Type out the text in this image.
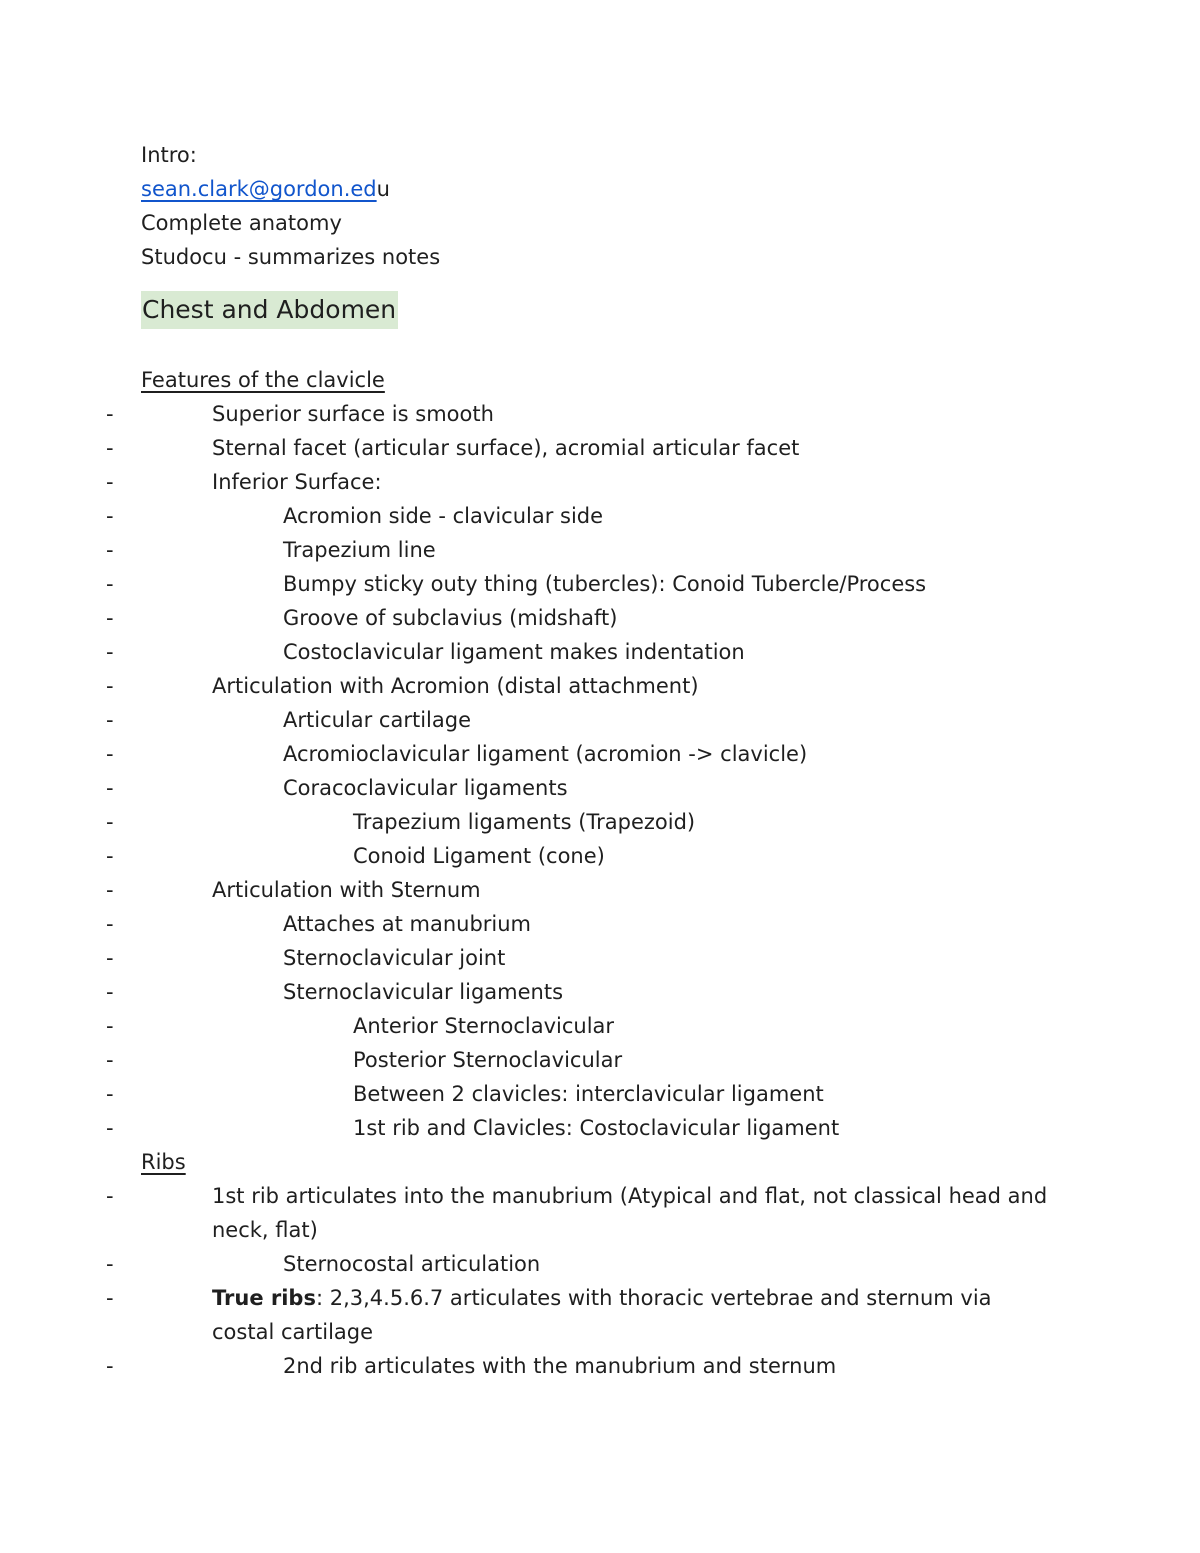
Intro:
sean.clark@gordon.edu
Complete anatomy
Studocu - summarizes notes
Chest and Abdomen
Features of the clavicle
-	Superior surface is smooth
-	Sternal facet (articular surface), acromial articular facet
-	Inferior Surface:
-	Acromion side - clavicular side
-	Trapezium line
-	Bumpy sticky outy thing (tubercles): Conoid Tubercle/Process
-	Groove of subclavius (midshaft)
-	Costoclavicular ligament makes indentation
-	Articulation with Acromion (distal attachment)
-	Articular cartilage
-	Acromioclavicular ligament (acromion -> clavicle)
-	Coracoclavicular ligaments
-	Trapezium ligaments (Trapezoid)
-	Conoid Ligament (cone)
-	Articulation with Sternum
-	Attaches at manubrium
-	Sternoclavicular joint
-	Sternoclavicular ligaments
-	Anterior Sternoclavicular
-	Posterior Sternoclavicular
-	Between 2 clavicles: interclavicular ligament
-	1st rib and Clavicles: Costoclavicular ligament
Ribs
-	1st rib articulates into the manubrium (Atypical and flat, not classical head and neck, flat)
-	Sternocostal articulation
-	True ribs: 2,3,4.5.6.7 articulates with thoracic vertebrae and sternum via costal cartilage
-	2nd rib articulates with the manubrium and sternum
